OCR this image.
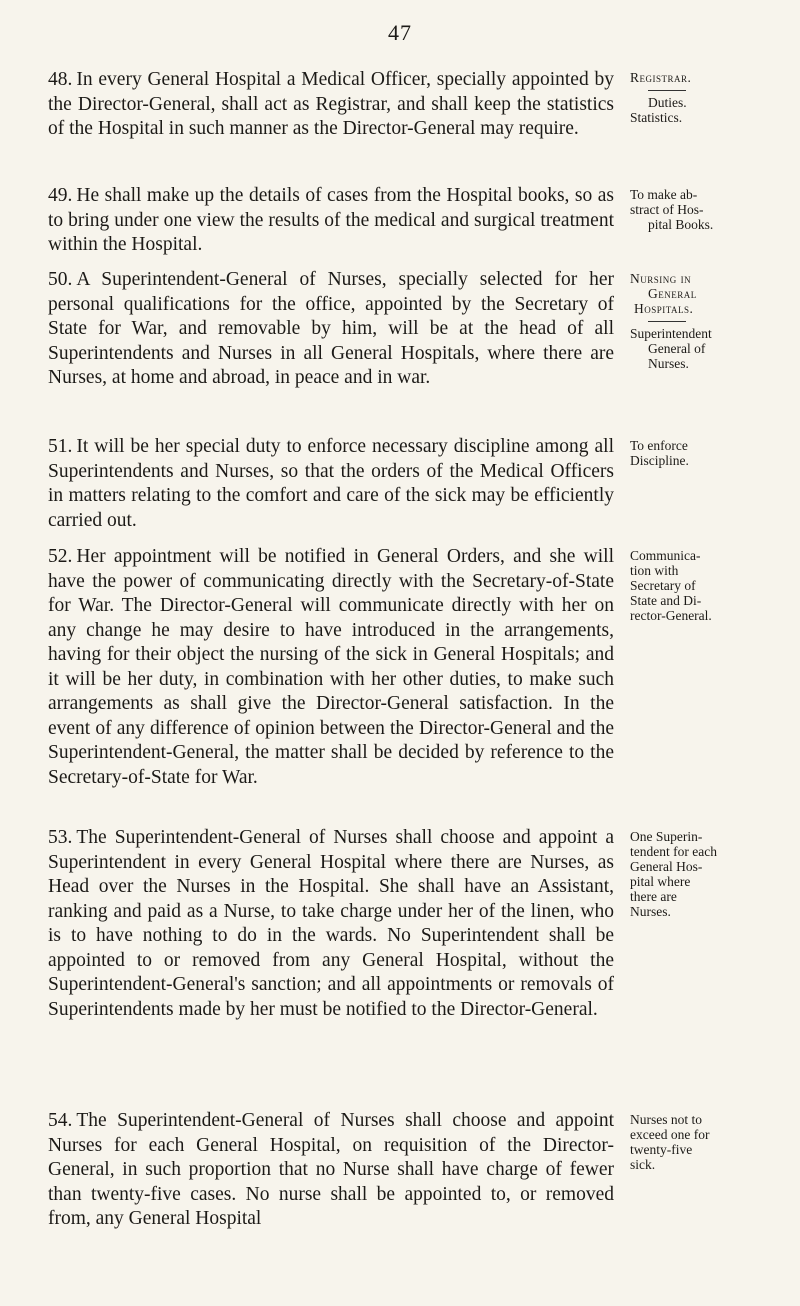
47

48. In every General Hospital a Medical Officer, specially appointed by the Director-General, shall act as Registrar, and shall keep the statistics of the Hospital in such manner as the Director-General may require.

Registrar.
Duties.
Statistics.

49. He shall make up the details of cases from the Hospital books, so as to bring under one view the results of the medical and surgical treatment within the Hospital.

To make ab-
stract of Hos-
pital Books.

50. A Superintendent-General of Nurses, specially selected for her personal qualifications for the office, appointed by the Secretary of State for War, and removable by him, will be at the head of all Superintendents and Nurses in all General Hospitals, where there are Nurses, at home and abroad, in peace and in war.

Nursing in
General
Hospitals.
Superintendent
General of
Nurses.

51. It will be her special duty to enforce necessary discipline among all Superintendents and Nurses, so that the orders of the Medical Officers in matters relating to the comfort and care of the sick may be efficiently carried out.

To enforce
Discipline.

52. Her appointment will be notified in General Orders, and she will have the power of communicating directly with the Secretary-of-State for War. The Director-General will communicate directly with her on any change he may desire to have introduced in the arrangements, having for their object the nursing of the sick in General Hospitals; and it will be her duty, in combination with her other duties, to make such arrangements as shall give the Director-General satisfaction. In the event of any difference of opinion between the Director-General and the Superintendent-General, the matter shall be decided by reference to the Secretary-of-State for War.

Communica-
tion with
Secretary of
State and Di-
rector-General.

53. The Superintendent-General of Nurses shall choose and appoint a Superintendent in every General Hospital where there are Nurses, as Head over the Nurses in the Hospital. She shall have an Assistant, ranking and paid as a Nurse, to take charge under her of the linen, who is to have nothing to do in the wards. No Superintendent shall be appointed to or removed from any General Hospital, without the Superintendent-General's sanction; and all appointments or removals of Superintendents made by her must be notified to the Director-General.

One Superin-
tendent for each
General Hos-
pital where
there are
Nurses.

54. The Superintendent-General of Nurses shall choose and appoint Nurses for each General Hospital, on requisition of the Director-General, in such proportion that no Nurse shall have charge of fewer than twenty-five cases. No nurse shall be appointed to, or removed from, any General Hospital

Nurses not to
exceed one for
twenty-five
sick.
